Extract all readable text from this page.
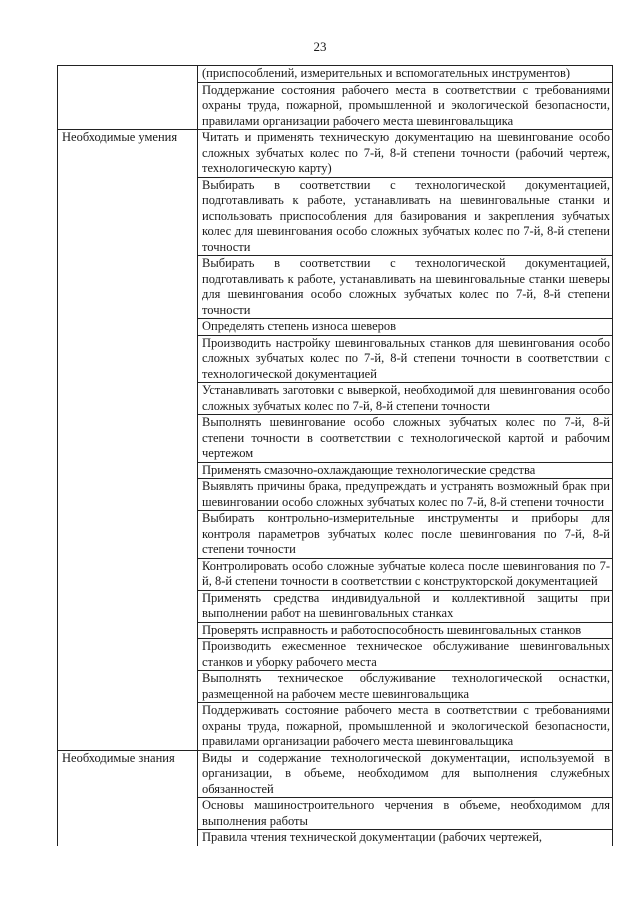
23
	(приспособлений, измерительных и вспомогательных инструментов)
	Поддержание состояния рабочего места в соответствии с требованиями охраны труда, пожарной, промышленной и экологической безопасности, правилами организации рабочего места шевинговальщика
Необходимые умения	Читать и применять техническую документацию на шевингование особо сложных зубчатых колес по 7-й, 8-й степени точности (рабочий чертеж, технологическую карту)
	Выбирать в соответствии с технологической документацией, подготавливать к работе, устанавливать на шевинговальные станки и использовать приспособления для базирования и закрепления зубчатых колес для шевингования особо сложных зубчатых колес по 7-й, 8-й степени точности
	Выбирать в соответствии с технологической документацией, подготавливать к работе, устанавливать на шевинговальные станки шеверы для шевингования особо сложных зубчатых колес по 7-й, 8-й степени точности
	Определять степень износа шеверов
	Производить настройку шевинговальных станков для шевингования особо сложных зубчатых колес по 7-й, 8-й степени точности в соответствии с технологической документацией
	Устанавливать заготовки с выверкой, необходимой для шевингования особо сложных зубчатых колес по 7-й, 8-й степени точности
	Выполнять шевингование особо сложных зубчатых колес по 7-й, 8-й степени точности в соответствии с технологической картой и рабочим чертежом
	Применять смазочно-охлаждающие технологические средства
	Выявлять причины брака, предупреждать и устранять возможный брак при шевинговании особо сложных зубчатых колес по 7-й, 8-й степени точности
	Выбирать контрольно-измерительные инструменты и приборы для контроля параметров зубчатых колес после шевингования по 7-й, 8-й степени точности
	Контролировать особо сложные зубчатые колеса после шевингования по 7-й, 8-й степени точности в соответствии с конструкторской документацией
	Применять средства индивидуальной и коллективной защиты при выполнении работ на шевинговальных станках
	Проверять исправность и работоспособность шевинговальных станков
	Производить ежесменное техническое обслуживание шевинговальных станков и уборку рабочего места
	Выполнять техническое обслуживание технологической оснастки, размещенной на рабочем месте шевинговальщика
	Поддерживать состояние рабочего места в соответствии с требованиями охраны труда, пожарной, промышленной и экологической безопасности, правилами организации рабочего места шевинговальщика
Необходимые знания	Виды и содержание технологической документации, используемой в организации, в объеме, необходимом для выполнения служебных обязанностей
	Основы машиностроительного черчения в объеме, необходимом для выполнения работы
	Правила чтения технической документации (рабочих чертежей,
